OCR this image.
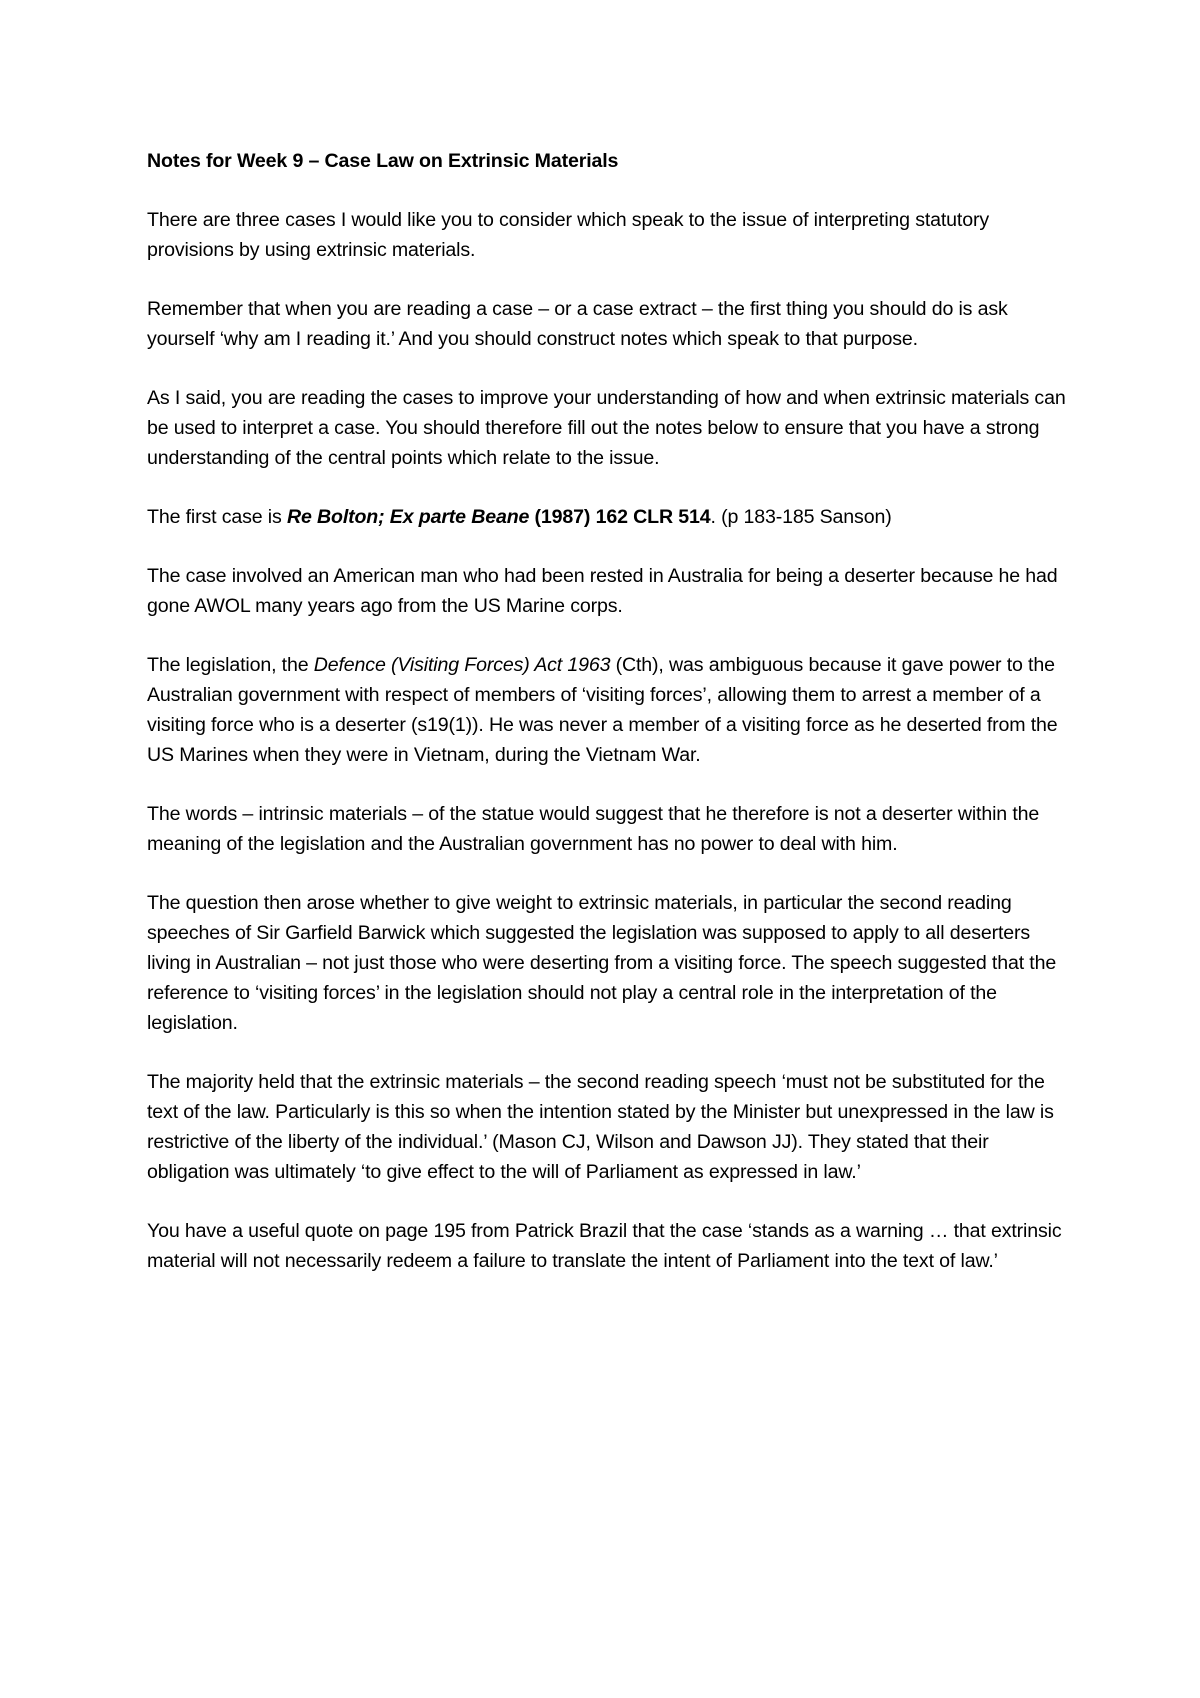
Notes for Week 9 – Case Law on Extrinsic Materials

There are three cases I would like you to consider which speak to the issue of interpreting statutory provisions by using extrinsic materials.

Remember that when you are reading a case – or a case extract – the first thing you should do is ask yourself ‘why am I reading it.’ And you should construct notes which speak to that purpose.

As I said, you are reading the cases to improve your understanding of how and when extrinsic materials can be used to interpret a case. You should therefore fill out the notes below to ensure that you have a strong understanding of the central points which relate to the issue.

The first case is Re Bolton; Ex parte Beane (1987) 162 CLR 514. (p 183-185 Sanson)

The case involved an American man who had been rested in Australia for being a deserter because he had gone AWOL many years ago from the US Marine corps.

The legislation, the Defence (Visiting Forces) Act 1963 (Cth), was ambiguous because it gave power to the Australian government with respect of members of ‘visiting forces’, allowing them to arrest a member of a visiting force who is a deserter (s19(1)). He was never a member of a visiting force as he deserted from the US Marines when they were in Vietnam, during the Vietnam War.

The words – intrinsic materials – of the statue would suggest that he therefore is not a deserter within the meaning of the legislation and the Australian government has no power to deal with him.

The question then arose whether to give weight to extrinsic materials, in particular the second reading speeches of Sir Garfield Barwick which suggested the legislation was supposed to apply to all deserters living in Australian – not just those who were deserting from a visiting force. The speech suggested that the reference to ‘visiting forces’ in the legislation should not play a central role in the interpretation of the legislation.

The majority held that the extrinsic materials – the second reading speech ‘must not be substituted for the text of the law. Particularly is this so when the intention stated by the Minister but unexpressed in the law is restrictive of the liberty of the individual.’ (Mason CJ, Wilson and Dawson JJ). They stated that their obligation was ultimately ‘to give effect to the will of Parliament as expressed in law.’

You have a useful quote on page 195 from Patrick Brazil that the case ‘stands as a warning … that extrinsic material will not necessarily redeem a failure to translate the intent of Parliament into the text of law.’
